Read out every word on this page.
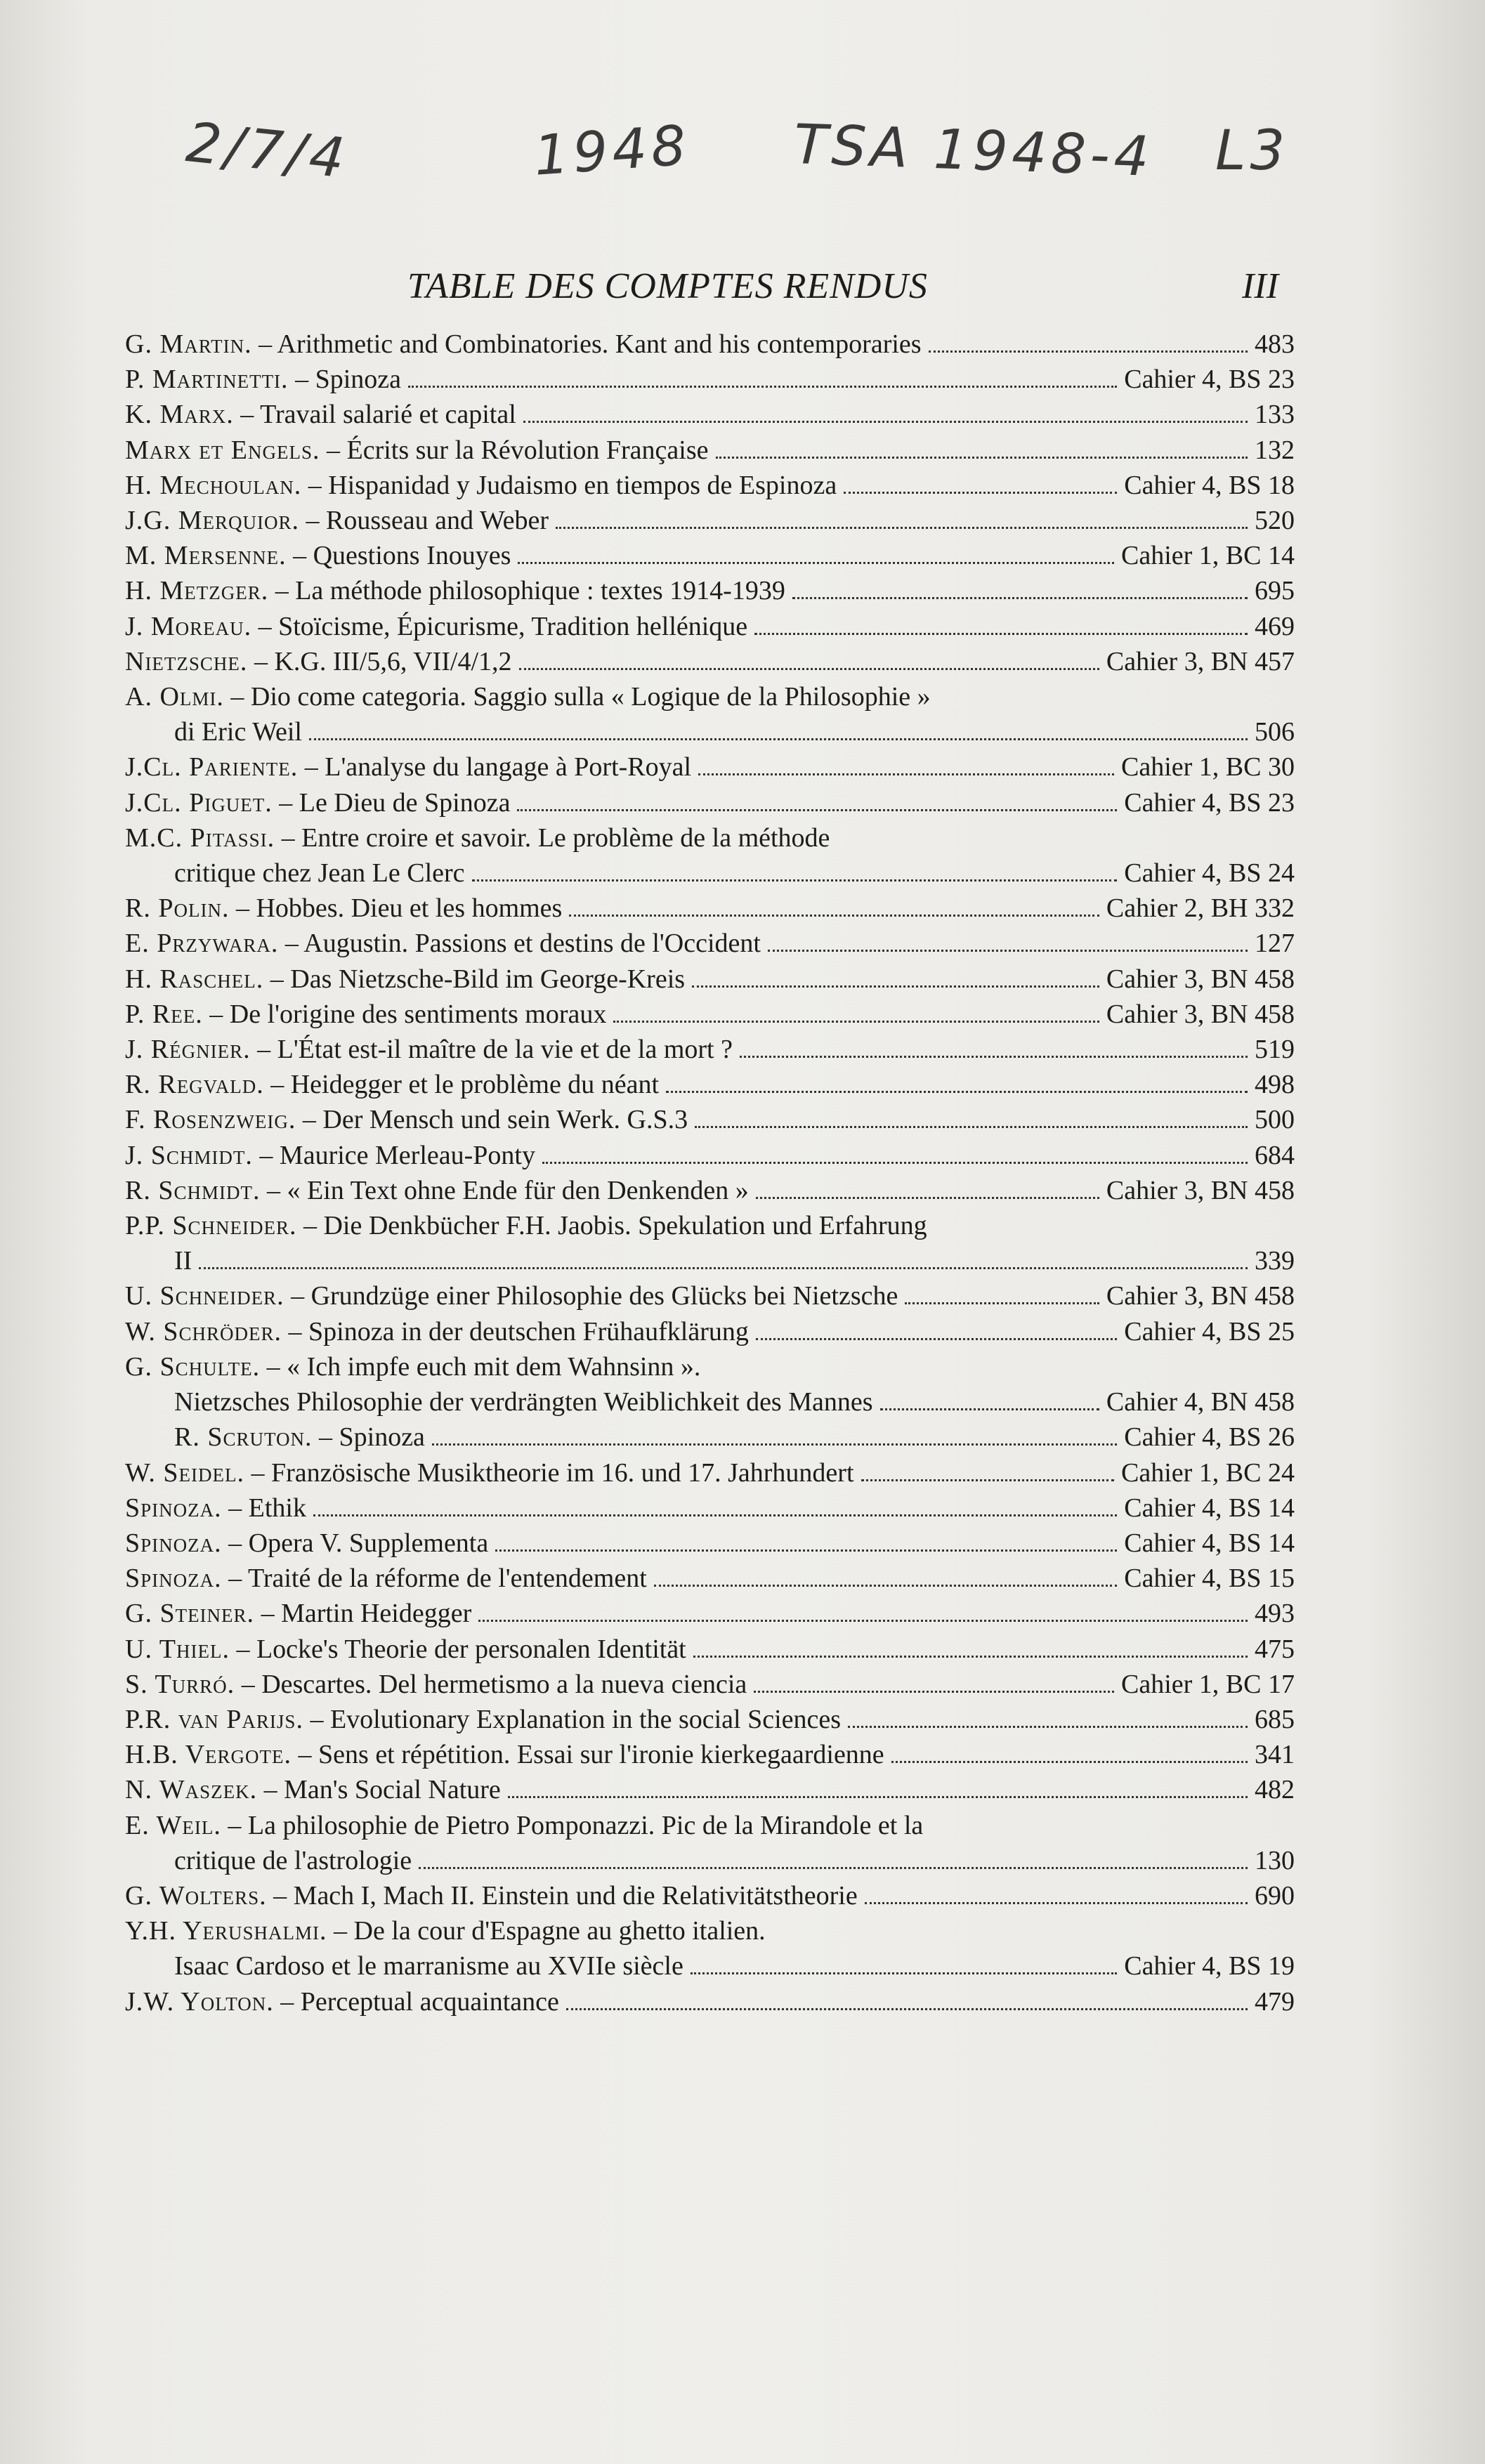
2/7/4	1948 TSA 1948-4 L3
TABLE DES COMPTES RENDUS	III
G. Martin. – Arithmetic and Combinatories. Kant and his contemporaries	483
P. Martinetti. – Spinoza	Cahier 4, BS 23
K. Marx. – Travail salarié et capital	133
Marx et Engels. – Écrits sur la Révolution Française	132
H. Mechoulan. – Hispanidad y Judaismo en tiempos de Espinoza	Cahier 4, BS 18
J.G. Merquior. – Rousseau and Weber	520
M. Mersenne. – Questions Inouyes	Cahier 1, BC 14
H. Metzger. – La méthode philosophique : textes 1914-1939	695
J. Moreau. – Stoïcisme, Épicurisme, Tradition hellénique	469
Nietzsche. – K.G. III/5,6, VII/4/1,2	Cahier 3, BN 457
A. Olmi. – Dio come categoria. Saggio sulla « Logique de la Philosophie »
di Eric Weil	506
J.Cl. Pariente. – L'analyse du langage à Port-Royal	Cahier 1, BC 30
J.Cl. Piguet. – Le Dieu de Spinoza	Cahier 4, BS 23
M.C. Pitassi. – Entre croire et savoir. Le problème de la méthode
critique chez Jean Le Clerc	Cahier 4, BS 24
R. Polin. – Hobbes. Dieu et les hommes	Cahier 2, BH 332
E. Przywara. – Augustin. Passions et destins de l'Occident	127
H. Raschel. – Das Nietzsche-Bild im George-Kreis	Cahier 3, BN 458
P. Ree. – De l'origine des sentiments moraux	Cahier 3, BN 458
J. Régnier. – L'État est-il maître de la vie et de la mort ?	519
R. Regvald. – Heidegger et le problème du néant	498
F. Rosenzweig. – Der Mensch und sein Werk. G.S.3	500
J. Schmidt. – Maurice Merleau-Ponty	684
R. Schmidt. – « Ein Text ohne Ende für den Denkenden »	Cahier 3, BN 458
P.P. Schneider. – Die Denkbücher F.H. Jaobis. Spekulation und Erfahrung
II	339
U. Schneider. – Grundzüge einer Philosophie des Glücks bei Nietzsche	Cahier 3, BN 458
W. Schröder. – Spinoza in der deutschen Frühaufklärung	Cahier 4, BS 25
G. Schulte. – « Ich impfe euch mit dem Wahnsinn ».
Nietzsches Philosophie der verdrängten Weiblichkeit des Mannes	Cahier 4, BN 458
R. Scruton. – Spinoza	Cahier 4, BS 26
W. Seidel. – Französische Musiktheorie im 16. und 17. Jahrhundert	Cahier 1, BC 24
Spinoza. – Ethik	Cahier 4, BS 14
Spinoza. – Opera V. Supplementa	Cahier 4, BS 14
Spinoza. – Traité de la réforme de l'entendement	Cahier 4, BS 15
G. Steiner. – Martin Heidegger	493
U. Thiel. – Locke's Theorie der personalen Identität	475
S. Turró. – Descartes. Del hermetismo a la nueva ciencia	Cahier 1, BC 17
P.R. van Parijs. – Evolutionary Explanation in the social Sciences	685
H.B. Vergote. – Sens et répétition. Essai sur l'ironie kierkegaardienne	341
N. Waszek. – Man's Social Nature	482
E. Weil. – La philosophie de Pietro Pomponazzi. Pic de la Mirandole et la
critique de l'astrologie	130
G. Wolters. – Mach I, Mach II. Einstein und die Relativitätstheorie	690
Y.H. Yerushalmi. – De la cour d'Espagne au ghetto italien.
Isaac Cardoso et le marranisme au XVIIe siècle	Cahier 4, BS 19
J.W. Yolton. – Perceptual acquaintance	479
